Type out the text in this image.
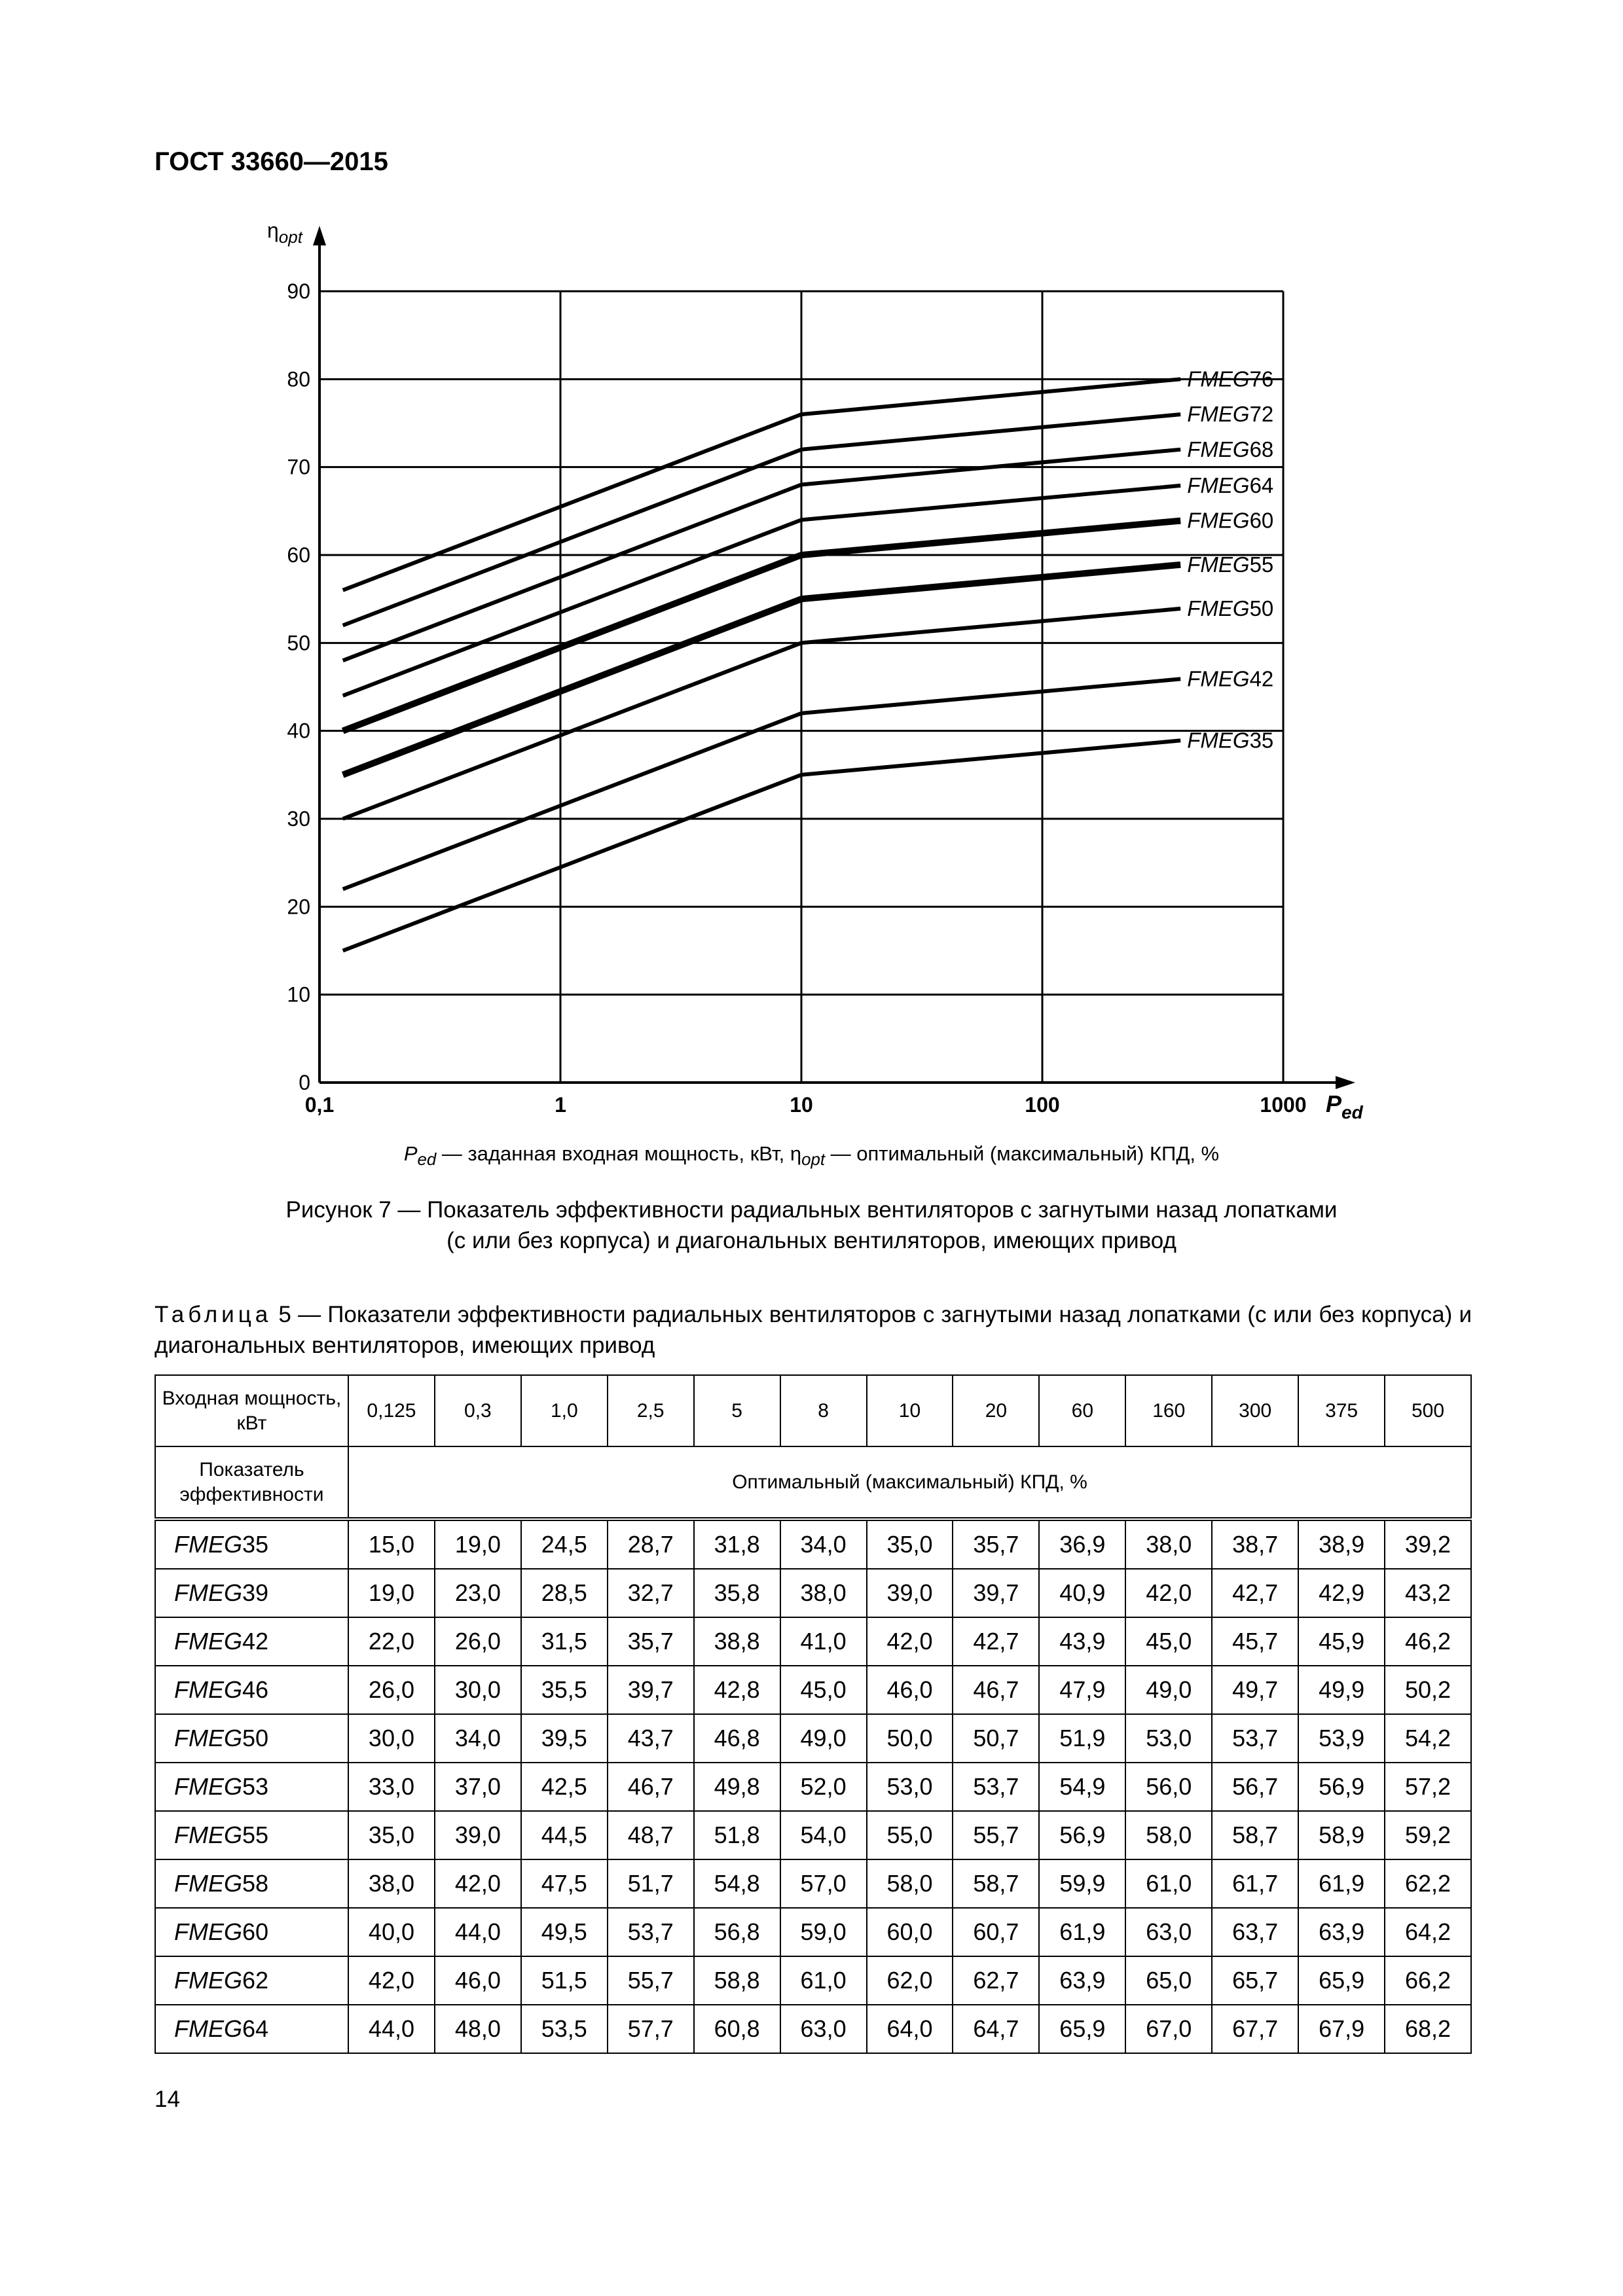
ГОСТ 33660—2015
0
10
20
30
40
50
60
70
80
90
0,1	1	10	100	1000
$\eta_{opt}$
$P_{ed}$
FMEG76
FMEG72
FMEG68
FMEG64
FMEG60
FMEG55
FMEG50
FMEG42
FMEG35
$P_{ed}$ — заданная входная мощность, кВт, $\eta_{opt}$ — оптимальный (максимальный) КПД, %
Рисунок 7 — Показатель эффективности радиальных вентиляторов с загнутыми назад лопатками
(с или без корпуса) и диагональных вентиляторов, имеющих привод
Таблица 5 — Показатели эффективности радиальных вентиляторов с загнутыми назад лопатками (с или без корпуса) и диагональных вентиляторов, имеющих привод
Входная мощность, кВт	0,125	0,3	1,0	2,5	5	8	10	20	60	160	300	375	500
Показатель эффективности	Оптимальный (максимальный) КПД, %												
FMEG35	15,0	19,0	24,5	28,7	31,8	34,0	35,0	35,7	36,9	38,0	38,7	38,9	39,2
FMEG39	19,0	23,0	28,5	32,7	35,8	38,0	39,0	39,7	40,9	42,0	42,7	42,9	43,2
FMEG42	22,0	26,0	31,5	35,7	38,8	41,0	42,0	42,7	43,9	45,0	45,7	45,9	46,2
FMEG46	26,0	30,0	35,5	39,7	42,8	45,0	46,0	46,7	47,9	49,0	49,7	49,9	50,2
FMEG50	30,0	34,0	39,5	43,7	46,8	49,0	50,0	50,7	51,9	53,0	53,7	53,9	54,2
FMEG53	33,0	37,0	42,5	46,7	49,8	52,0	53,0	53,7	54,9	56,0	56,7	56,9	57,2
FMEG55	35,0	39,0	44,5	48,7	51,8	54,0	55,0	55,7	56,9	58,0	58,7	58,9	59,2
FMEG58	38,0	42,0	47,5	51,7	54,8	57,0	58,0	58,7	59,9	61,0	61,7	61,9	62,2
FMEG60	40,0	44,0	49,5	53,7	56,8	59,0	60,0	60,7	61,9	63,0	63,7	63,9	64,2
FMEG62	42,0	46,0	51,5	55,7	58,8	61,0	62,0	62,7	63,9	65,0	65,7	65,9	66,2
FMEG64	44,0	48,0	53,5	57,7	60,8	63,0	64,0	64,7	65,9	67,0	67,7	67,9	68,2
14
